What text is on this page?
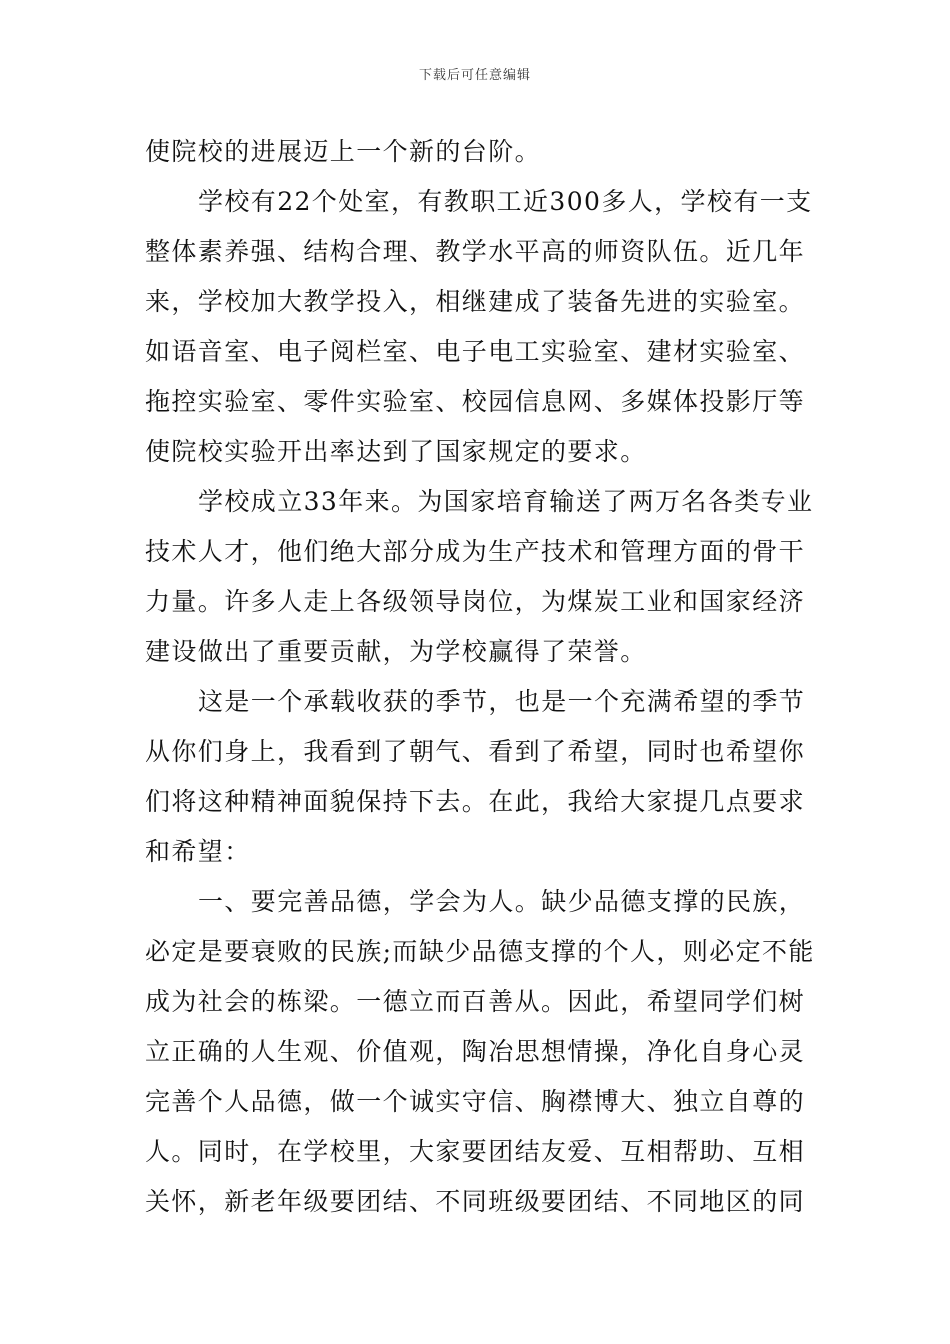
下载后可任意编辑
使院校的进展迈上一个新的台阶。
学校有22个处室，有教职工近300多人，学校有一支
整体素养强、结构合理、教学水平高的师资队伍。近几年
来，学校加大教学投入，相继建成了装备先进的实验室。
如语音室、电子阅栏室、电子电工实验室、建材实验室、
拖控实验室、零件实验室、校园信息网、多媒体投影厅等
使院校实验开出率达到了国家规定的要求。
学校成立33年来。为国家培育输送了两万名各类专业
技术人才，他们绝大部分成为生产技术和管理方面的骨干
力量。许多人走上各级领导岗位，为煤炭工业和国家经济
建设做出了重要贡献，为学校赢得了荣誉。
这是一个承载收获的季节，也是一个充满希望的季节
从你们身上，我看到了朝气、看到了希望，同时也希望你
们将这种精神面貌保持下去。在此，我给大家提几点要求
和希望：
一、要完善品德，学会为人。缺少品德支撑的民族，
必定是要衰败的民族;而缺少品德支撑的个人，则必定不能
成为社会的栋梁。一德立而百善从。因此，希望同学们树
立正确的人生观、价值观，陶冶思想情操，净化自身心灵
完善个人品德，做一个诚实守信、胸襟博大、独立自尊的
人。同时，在学校里，大家要团结友爱、互相帮助、互相
关怀，新老年级要团结、不同班级要团结、不同地区的同
